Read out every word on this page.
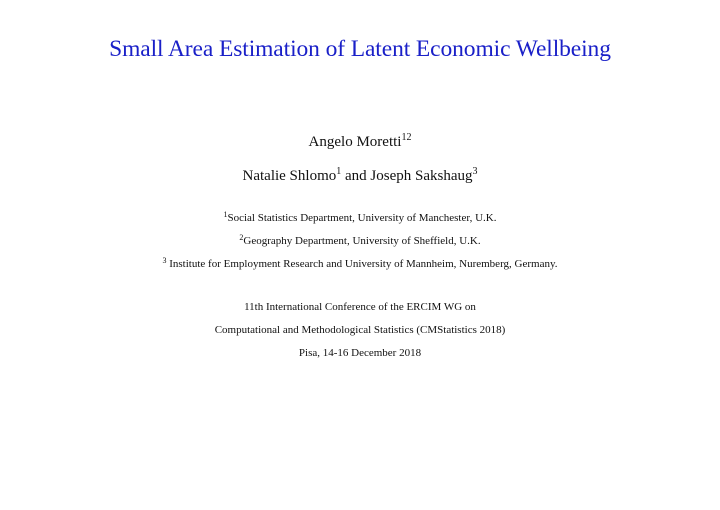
Small Area Estimation of Latent Economic Wellbeing
Angelo Moretti$^{12}$
Natalie Shlomo$^1$ and Joseph Sakshaug$^3$
$^1$Social Statistics Department, University of Manchester, U.K.
$^2$Geography Department, University of Sheffield, U.K.
$^3$ Institute for Employment Research and University of Mannheim, Nuremberg, Germany.
11th International Conference of the ERCIM WG on
Computational and Methodological Statistics (CMStatistics 2018)
Pisa, 14-16 December 2018
